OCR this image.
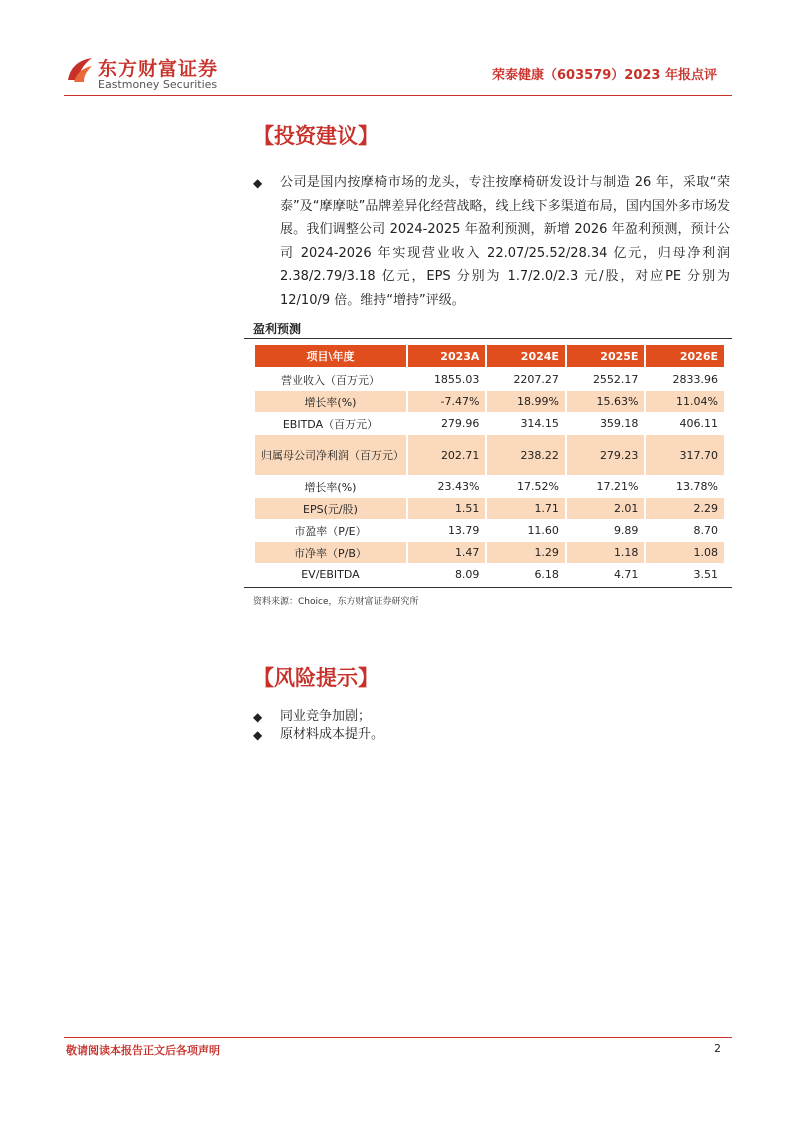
东方财富证券
Eastmoney Securities
荣泰健康（603579）2023 年报点评
【投资建议】
◆ 公司是国内按摩椅市场的龙头，专注按摩椅研发设计与制造 26 年，采取“荣泰”及“摩摩哒”品牌差异化经营战略，线上线下多渠道布局，国内国外多市场发展。我们调整公司 2024-2025 年盈利预测，新增 2026 年盈利预测，预计公司 2024-2026 年实现营业收入 22.07/25.52/28.34 亿元，归母净利润 2.38/2.79/3.18 亿元，EPS 分别为 1.7/2.0/2.3 元/股，对应PE 分别为 12/10/9 倍。维持“增持”评级。
盈利预测
项目\年度	2023A	2024E	2025E	2026E
营业收入（百万元）	1855.03	2207.27	2552.17	2833.96
增长率(%)	-7.47%	18.99%	15.63%	11.04%
EBITDA（百万元）	279.96	314.15	359.18	406.11
归属母公司净利润（百万元）	202.71	238.22	279.23	317.70
增长率(%)	23.43%	17.52%	17.21%	13.78%
EPS(元/股)	1.51	1.71	2.01	2.29
市盈率（P/E）	13.79	11.60	9.89	8.70
市净率（P/B）	1.47	1.29	1.18	1.08
EV/EBITDA	8.09	6.18	4.71	3.51
资料来源：Choice，东方财富证券研究所
【风险提示】
◆ 同业竞争加剧；
◆ 原材料成本提升。
敬请阅读本报告正文后各项声明	2
